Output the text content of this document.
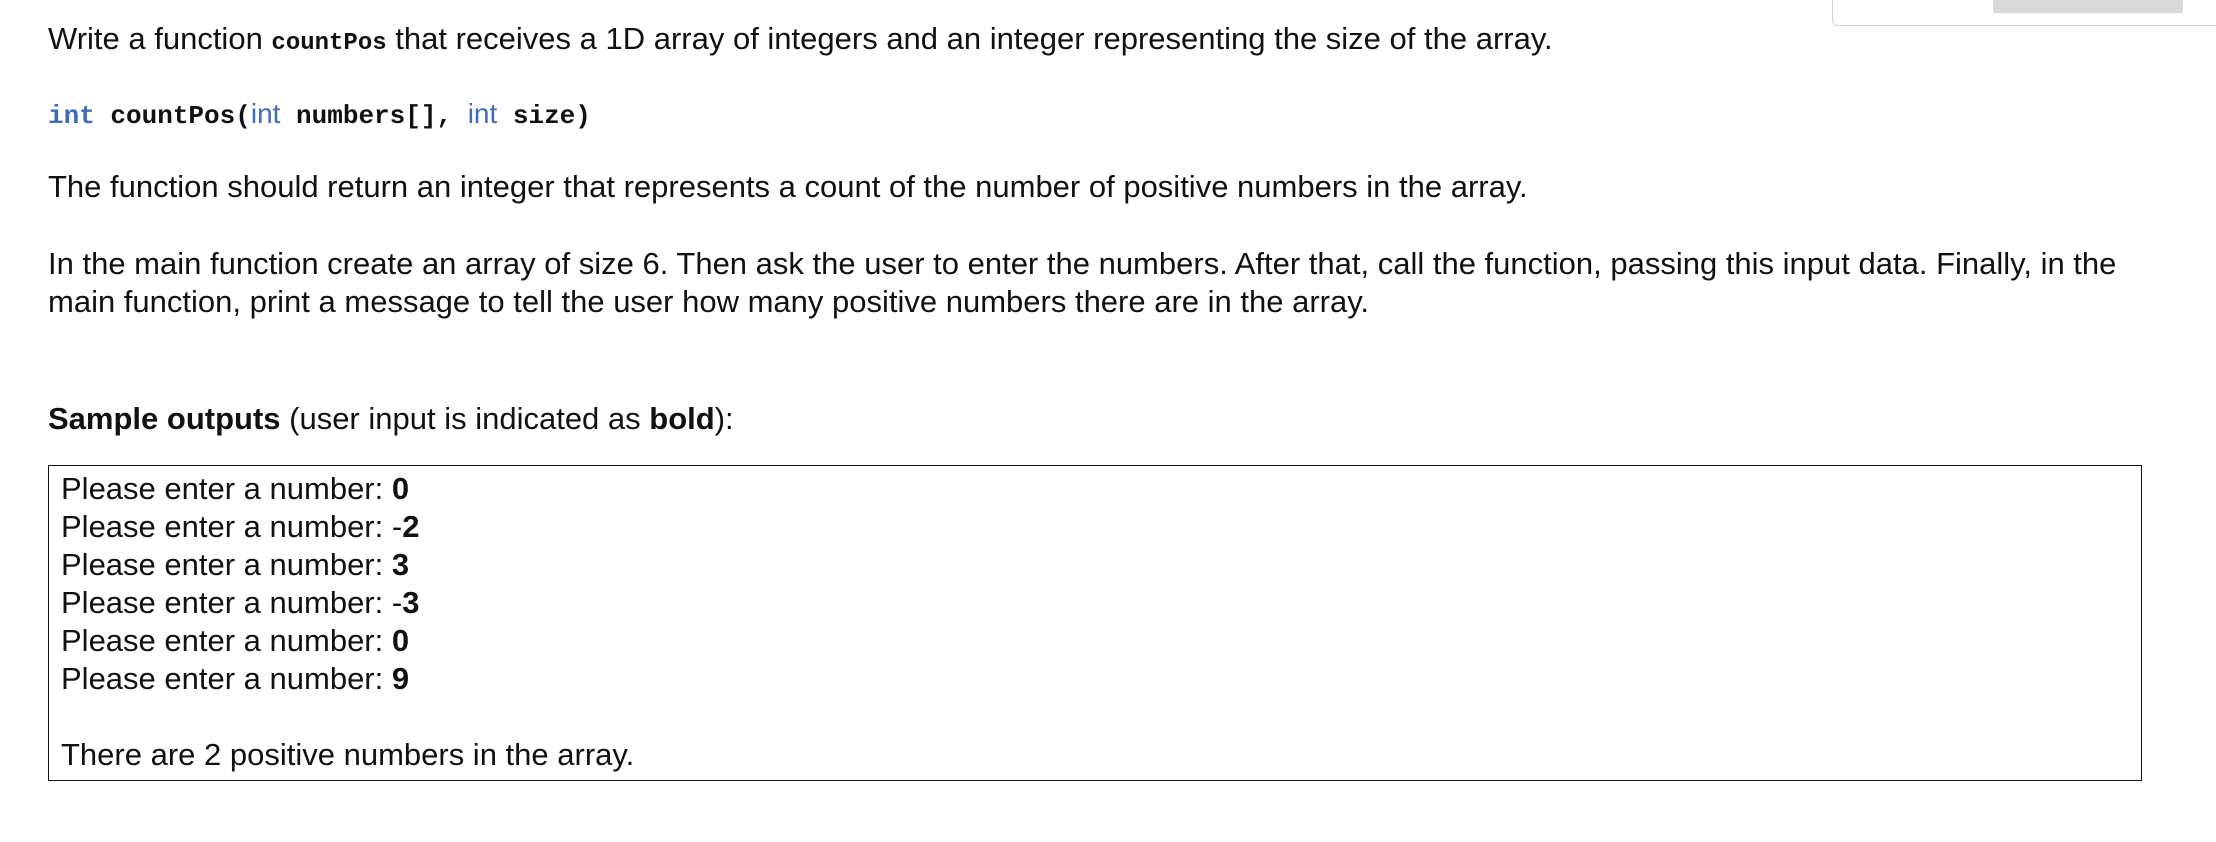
Write a function countPos that receives a 1D array of integers and an integer representing the size of the array.

int countPos(int numbers[], int size)

The function should return an integer that represents a count of the number of positive numbers in the array.

In the main function create an array of size 6. Then ask the user to enter the numbers. After that, call the function, passing this input data. Finally, in the main function, print a message to tell the user how many positive numbers there are in the array.

Sample outputs (user input is indicated as bold):

Please enter a number: 0
Please enter a number: -2
Please enter a number: 3
Please enter a number: -3
Please enter a number: 0
Please enter a number: 9
There are 2 positive numbers in the array.
